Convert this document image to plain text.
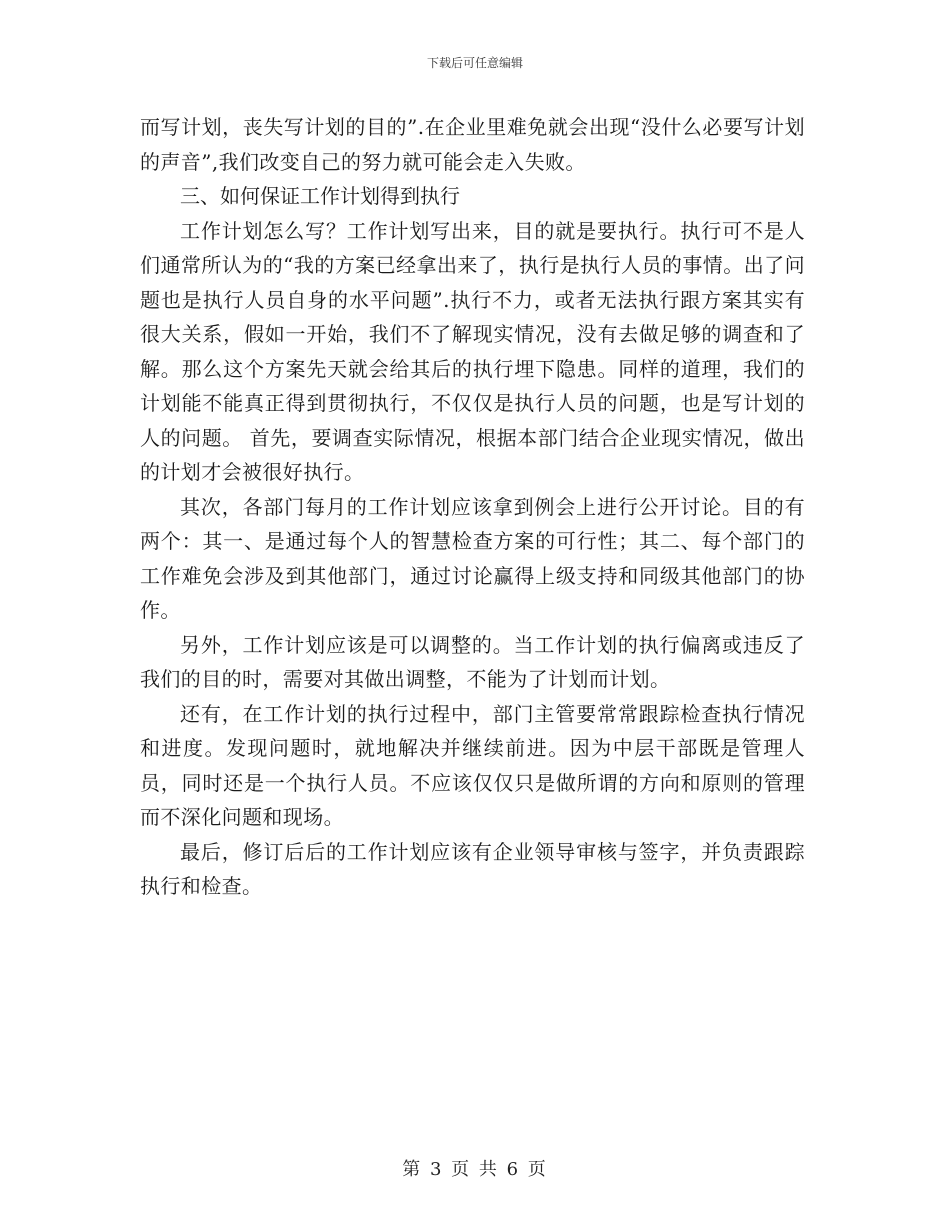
下载后可任意编辑

而写计划，丧失写计划的目的”.在企业里难免就会出现“没什么必要写计划的声音”,我们改变自己的努力就可能会走入失败。

三、如何保证工作计划得到执行

工作计划怎么写？工作计划写出来，目的就是要执行。执行可不是人们通常所认为的“我的方案已经拿出来了，执行是执行人员的事情。出了问题也是执行人员自身的水平问题”.执行不力，或者无法执行跟方案其实有很大关系，假如一开始，我们不了解现实情况，没有去做足够的调查和了解。那么这个方案先天就会给其后的执行埋下隐患。同样的道理，我们的计划能不能真正得到贯彻执行，不仅仅是执行人员的问题，也是写计划的人的问题。 首先，要调查实际情况，根据本部门结合企业现实情况，做出的计划才会被很好执行。

其次，各部门每月的工作计划应该拿到例会上进行公开讨论。目的有两个：其一、是通过每个人的智慧检查方案的可行性；其二、每个部门的工作难免会涉及到其他部门，通过讨论赢得上级支持和同级其他部门的协作。

另外，工作计划应该是可以调整的。当工作计划的执行偏离或违反了我们的目的时，需要对其做出调整，不能为了计划而计划。

还有，在工作计划的执行过程中，部门主管要常常跟踪检查执行情况和进度。发现问题时，就地解决并继续前进。因为中层干部既是管理人员，同时还是一个执行人员。不应该仅仅只是做所谓的方向和原则的管理而不深化问题和现场。

最后，修订后后的工作计划应该有企业领导审核与签字，并负责跟踪执行和检查。

第 3 页 共 6 页
